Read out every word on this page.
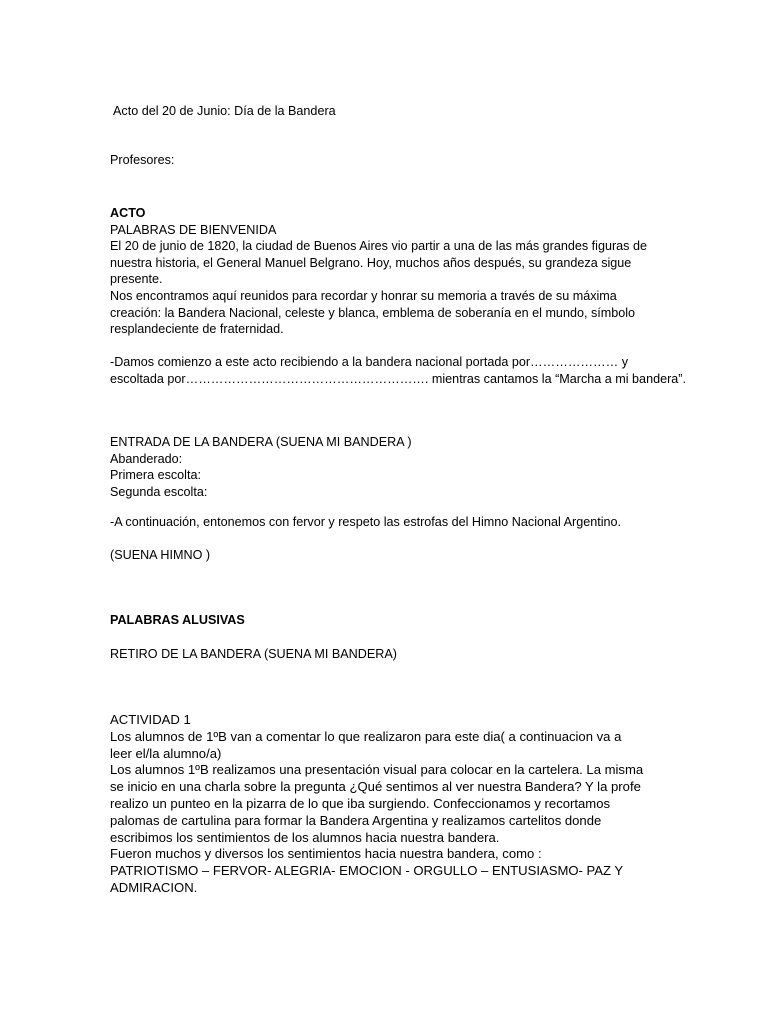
Acto del 20 de Junio: Día de la Bandera
Profesores:
ACTO
PALABRAS DE BIENVENIDA
El 20 de junio de 1820, la ciudad de Buenos Aires vio partir a una de las más grandes figuras de
nuestra historia, el General Manuel Belgrano. Hoy, muchos años después, su grandeza sigue
presente.
Nos encontramos aquí reunidos para recordar y honrar su memoria a través de su máxima
creación: la Bandera Nacional, celeste y blanca, emblema de soberanía en el mundo, símbolo
resplandeciente de fraternidad.

-Damos comienzo a este acto recibiendo a la bandera nacional portada por………………… y
escoltada por…………………………………………………. mientras cantamos la “Marcha a mi bandera”.
ENTRADA DE LA BANDERA (SUENA MI BANDERA )
Abanderado:
Primera escolta:
Segunda escolta:
-A continuación, entonemos con fervor y respeto las estrofas del Himno Nacional Argentino.
(SUENA HIMNO )
PALABRAS ALUSIVAS
RETIRO DE LA BANDERA (SUENA MI BANDERA)
ACTIVIDAD 1
Los alumnos de 1ºB van a comentar lo que realizaron para este dia( a continuacion va a
leer el/la alumno/a)
Los alumnos 1ºB realizamos una presentación visual para colocar en la cartelera. La misma
se inicio en una charla sobre la pregunta ¿Qué sentimos al ver nuestra Bandera? Y la profe
realizo un punteo en la pizarra de lo que iba surgiendo. Confeccionamos y recortamos
palomas de cartulina para formar la Bandera Argentina y realizamos cartelitos donde
escribimos los sentimientos de los alumnos hacia nuestra bandera.
Fueron muchos y diversos los sentimientos hacia nuestra bandera, como :
PATRIOTISMO – FERVOR- ALEGRIA- EMOCION - ORGULLO – ENTUSIASMO- PAZ Y
ADMIRACION.
